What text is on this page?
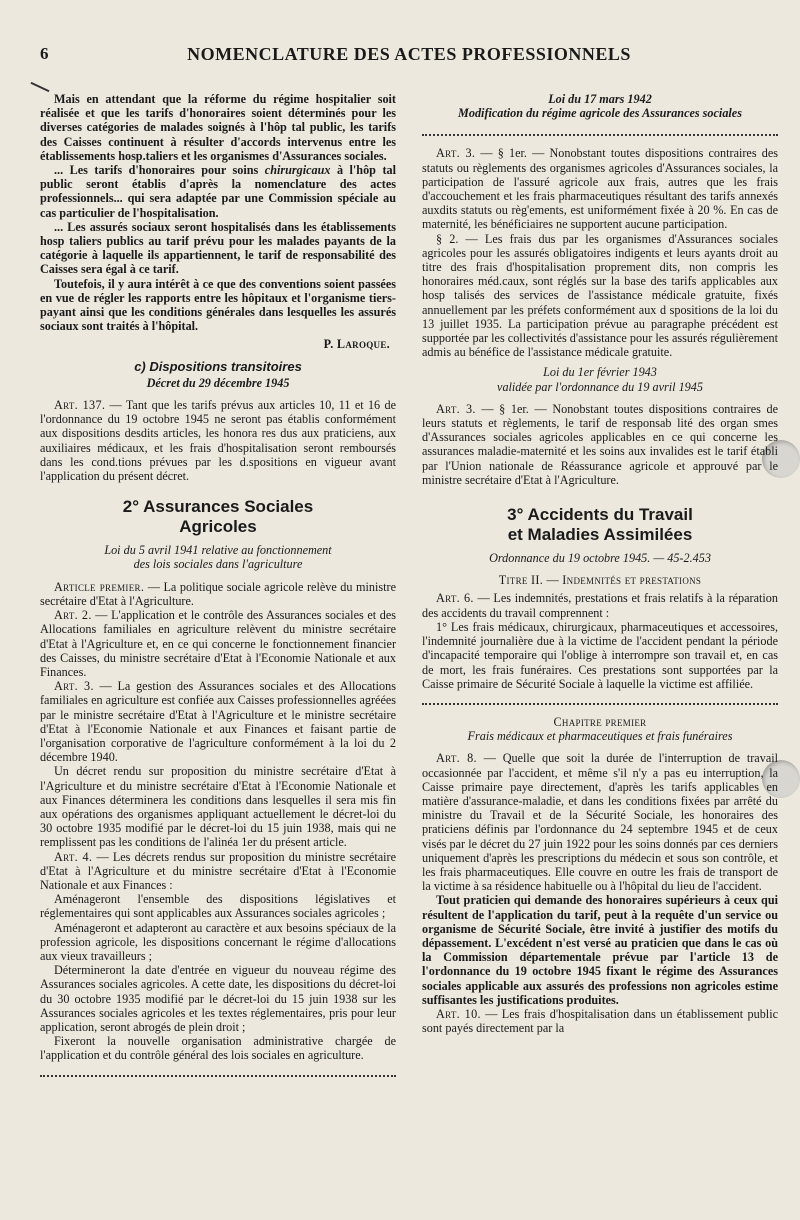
6	NOMENCLATURE DES ACTES PROFESSIONNELS

Mais en attendant que la réforme du régime hospitalier soit réalisée et que les tarifs d'honoraires soient déterminés pour les diverses catégories de malades soignés à l'hôp tal public, les tarifs des Caisses continuent à résulter d'accords intervenus entre les établissements hosp.taliers et les organismes d'Assurances sociales.

... Les tarifs d'honoraires pour soins chirurgicaux à l'hôp tal public seront établis d'après la nomenclature des actes professionnels... qui sera adaptée par une Commission spéciale au cas particulier de l'hospitalisation.

... Les assurés sociaux seront hospitalisés dans les établissements hosp taliers publics au tarif prévu pour les malades payants de la catégorie à laquelle ils appartiennent, le tarif de responsabilité des Caisses sera égal à ce tarif.

Toutefois, il y aura intérêt à ce que des conventions soient passées en vue de régler les rapports entre les hôpitaux et l'organisme tiers-payant ainsi que les conditions générales dans lesquelles les assurés sociaux sont traités à l'hôpital.

P. Laroque.

c) Dispositions transitoires

Décret du 29 décembre 1945

Art. 137. — Tant que les tarifs prévus aux articles 10, 11 et 16 de l'ordonnance du 19 octobre 1945 ne seront pas établis conformément aux dispositions desdits articles, les honora res dus aux praticiens, aux auxiliaires médicaux, et les frais d'hospitalisation seront remboursés dans les cond.tions prévues par les d.spositions en vigueur avant l'application du présent décret.

2° Assurances Sociales
Agricoles

Loi du 5 avril 1941 relative au fonctionnement

des lois sociales dans l'agriculture

Article premier. — La politique sociale agricole relève du ministre secrétaire d'Etat à l'Agriculture.

Art. 2. — L'application et le contrôle des Assurances sociales et des Allocations familiales en agriculture relèvent du ministre secrétaire d'Etat à l'Agriculture et, en ce qui concerne le fonctionnement financier des Caisses, du ministre secrétaire d'Etat à l'Economie Nationale et aux Finances.

Art. 3. — La gestion des Assurances sociales et des Allocations familiales en agriculture est confiée aux Caisses professionnelles agréées par le ministre secrétaire d'Etat à l'Agriculture et le ministre secrétaire d'Etat à l'Economie Nationale et aux Finances et faisant partie de l'organisation corporative de l'agriculture conformément à la loi du 2 décembre 1940.

Un décret rendu sur proposition du ministre secrétaire d'Etat à l'Agriculture et du ministre secrétaire d'Etat à l'Economie Nationale et aux Finances déterminera les conditions dans lesquelles il sera mis fin aux opérations des organismes appliquant actuellement le décret-loi du 30 octobre 1935 modifié par le décret-loi du 15 juin 1938, mais qui ne remplissent pas les conditions de l'alinéa 1er du présent article.

Art. 4. — Les décrets rendus sur proposition du ministre secrétaire d'Etat à l'Agriculture et du ministre secrétaire d'Etat à l'Economie Nationale et aux Finances :

Aménageront l'ensemble des dispositions législatives et réglementaires qui sont applicables aux Assurances sociales agricoles ;

Aménageront et adapteront au caractère et aux besoins spéciaux de la profession agricole, les dispositions concernant le régime d'allocations aux vieux travailleurs ;

Détermineront la date d'entrée en vigueur du nouveau régime des Assurances sociales agricoles. A cette date, les dispositions du décret-loi du 30 octobre 1935 modifié par le décret-loi du 15 juin 1938 sur les Assurances sociales agricoles et les textes réglementaires, pris pour leur application, seront abrogés de plein droit ;

Fixeront la nouvelle organisation administrative chargée de l'application et du contrôle général des lois sociales en agriculture.

Loi du 17 mars 1942

Modification du régime agricole des Assurances sociales

Art. 3. — § 1er. — Nonobstant toutes dispositions contraires des statuts ou règlements des organismes agricoles d'Assurances sociales, la participation de l'assuré agricole aux frais, autres que les frais d'accouchement et les frais pharmaceutiques résultant des tarifs annexés auxdits statuts ou règ'ements, est uniformément fixée à 20 %. En cas de maternité, les bénéficiaires ne supportent aucune participation.

§ 2. — Les frais dus par les organismes d'Assurances sociales agricoles pour les assurés obligatoires indigents et leurs ayants droit au titre des frais d'hospitalisation proprement dits, non compris les honoraires méd.caux, sont réglés sur la base des tarifs applicables aux hosp talisés des services de l'assistance médicale gratuite, fixés annuellement par les préfets conformément aux d spositions de la loi du 13 juillet 1935. La participation prévue au paragraphe précédent est supportée par les collectivités d'assistance pour les assurés régulièrement admis au bénéfice de l'assistance médicale gratuite.

Loi du 1er février 1943

validée par l'ordonnance du 19 avril 1945

Art. 3. — § 1er. — Nonobstant toutes dispositions contraires de leurs statuts et règlements, le tarif de responsab lité des organ smes d'Assurances sociales agricoles applicables en ce qui concerne les assurances maladie-maternité et les soins aux invalides est le tarif établi par l'Union nationale de Réassurance agricole et approuvé par le ministre secrétaire d'Etat à l'Agriculture.

3° Accidents du Travail
et Maladies Assimilées

Ordonnance du 19 octobre 1945. — 45-2.453

Titre II. — Indemnités et prestations

Art. 6. — Les indemnités, prestations et frais relatifs à la réparation des accidents du travail comprennent :

1° Les frais médicaux, chirurgicaux, pharmaceutiques et accessoires, l'indemnité journalière due à la victime de l'accident pendant la période d'incapacité temporaire qui l'oblige à interrompre son travail et, en cas de mort, les frais funéraires. Ces prestations sont supportées par la Caisse primaire de Sécurité Sociale à laquelle la victime est affiliée.

Chapitre premier

Frais médicaux et pharmaceutiques et frais funéraires

Art. 8. — Quelle que soit la durée de l'interruption de travail occasionnée par l'accident, et même s'il n'y a pas eu interruption, la Caisse primaire paye directement, d'après les tarifs applicables en matière d'assurance-maladie, et dans les conditions fixées par arrêté du ministre du Travail et de la Sécurité Sociale, les honoraires des praticiens définis par l'ordonnance du 24 septembre 1945 et de ceux visés par le décret du 27 juin 1922 pour les soins donnés par ces derniers uniquement d'après les prescriptions du médecin et sous son contrôle, et les frais pharmaceutiques. Elle couvre en outre les frais de transport de la victime à sa résidence habituelle ou à l'hôpital du lieu de l'accident.

Tout praticien qui demande des honoraires supérieurs à ceux qui résultent de l'application du tarif, peut à la requête d'un service ou organisme de Sécurité Sociale, être invité à justifier des motifs du dépassement. L'excédent n'est versé au praticien que dans le cas où la Commission départementale prévue par l'article 13 de l'ordonnance du 19 octobre 1945 fixant le régime des Assurances sociales applicable aux assurés des professions non agricoles estime suffisantes les justifications produites.

Art. 10. — Les frais d'hospitalisation dans un établissement public sont payés directement par la
